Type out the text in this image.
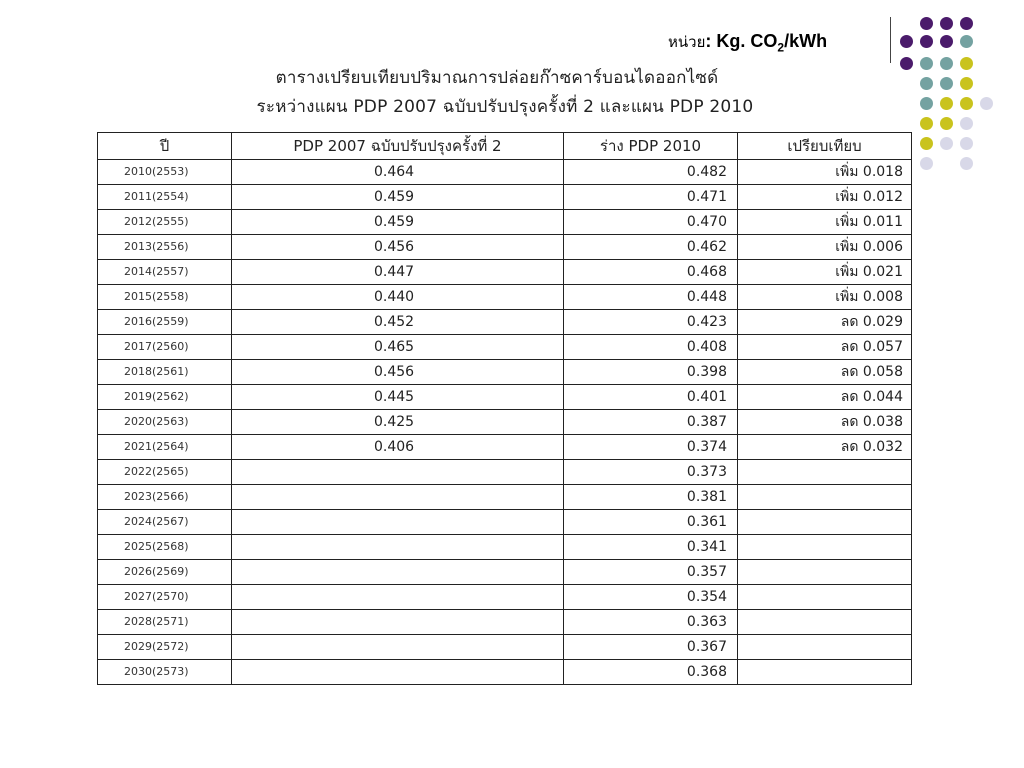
หน่วย: Kg. $CO_2$/kWh
ตารางเปรียบเทียบปริมาณการปล่อยก๊าซคาร์บอนไดออกไซด์
ระหว่างแผน PDP 2007 ฉบับปรับปรุงครั้งที่ 2 และแผน PDP 2010
ปี	PDP 2007 ฉบับปรับปรุงครั้งที่ 2	ร่าง PDP 2010	เปรียบเทียบ
2010(2553)	0.464	0.482	เพิ่ม 0.018
2011(2554)	0.459	0.471	เพิ่ม 0.012
2012(2555)	0.459	0.470	เพิ่ม 0.011
2013(2556)	0.456	0.462	เพิ่ม 0.006
2014(2557)	0.447	0.468	เพิ่ม 0.021
2015(2558)	0.440	0.448	เพิ่ม 0.008
2016(2559)	0.452	0.423	ลด 0.029
2017(2560)	0.465	0.408	ลด 0.057
2018(2561)	0.456	0.398	ลด 0.058
2019(2562)	0.445	0.401	ลด 0.044
2020(2563)	0.425	0.387	ลด 0.038
2021(2564)	0.406	0.374	ลด 0.032
2022(2565)		0.373	
2023(2566)		0.381	
2024(2567)		0.361	
2025(2568)		0.341	
2026(2569)		0.357	
2027(2570)		0.354	
2028(2571)		0.363	
2029(2572)		0.367	
2030(2573)		0.368	
